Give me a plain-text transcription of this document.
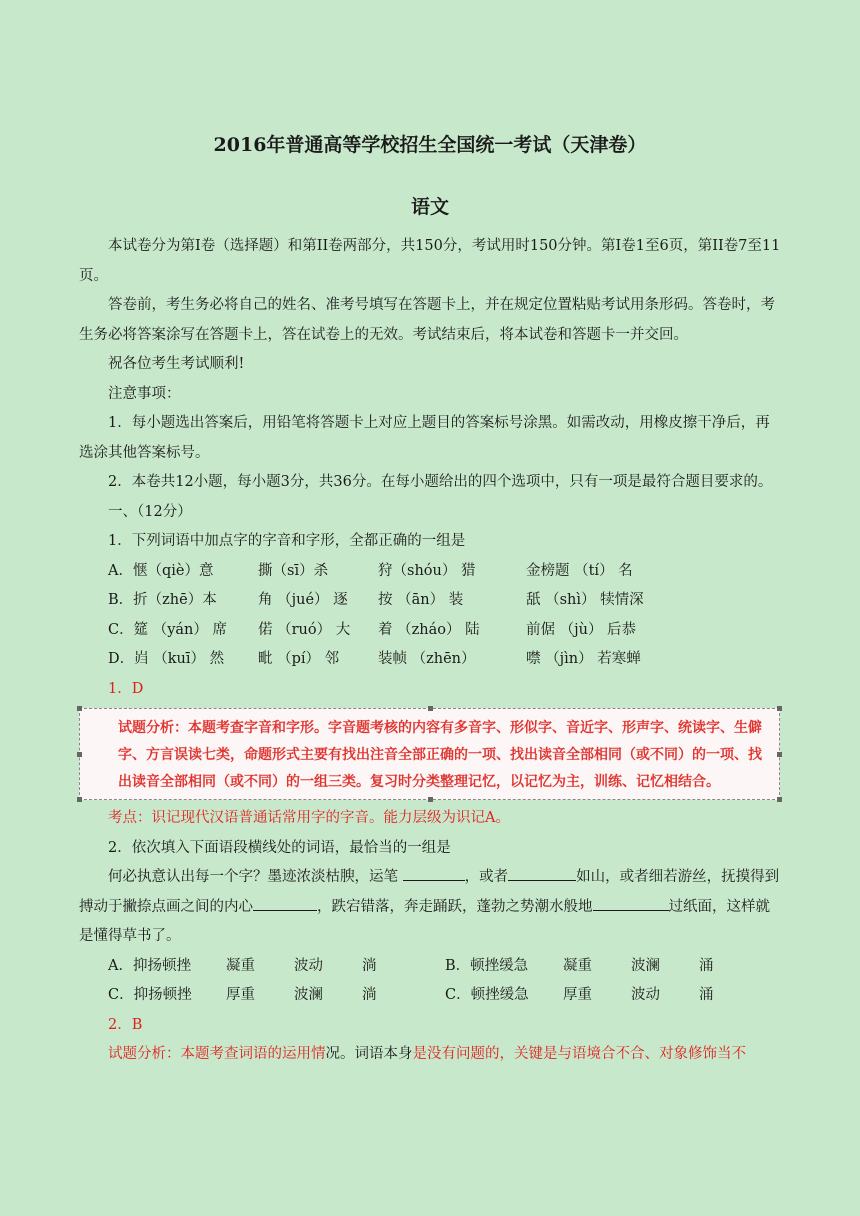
2016年普通高等学校招生全国统一考试（天津卷）
语文

本试卷分为第I卷（选择题）和第II卷两部分，共150分，考试用时150分钟。第I卷1至6页，第II卷7至11页。

答卷前，考生务必将自己的姓名、准考号填写在答题卡上，并在规定位置粘贴考试用条形码。答卷时，考生务必将答案涂写在答题卡上，答在试卷上的无效。考试结束后，将本试卷和答题卡一并交回。

祝各位考生考试顺利!

注意事项：

1．每小题选出答案后，用铅笔将答题卡上对应上题目的答案标号涂黑。如需改动，用橡皮擦干净后，再选涂其他答案标号。

2．本卷共12小题，每小题3分，共36分。在每小题给出的四个选项中，只有一项是最符合题目要求的。

一、（12分）

1．下列词语中加点字的字音和字形，全都正确的一组是

A．惬（qiè）意	撕（sī）杀	狩（shóu） 猎	金榜题 （tí） 名
B．折（zhē）本	角 （jué） 逐	按 （ān） 装	舐 （shì） 犊情深
C．筵 （yán） 席	偌 （ruó） 大	着 （zháo） 陆	前倨 （jù） 后恭
D．岿 （kuī） 然	毗 （pí） 邻	装帧 （zhēn）	噤 （jìn） 若寒蝉
1．D
试题分析：本题考查字音和字形。字音题考核的内容有多音字、形似字、音近字、形声字、统读字、生僻字、方言误读七类，命题形式主要有找出注音全部正确的一项、找出读音全部相同（或不同）的一项、找出读音全部相同（或不同）的一组三类。复习时分类整理记忆，以记忆为主，训练、记忆相结合。
考点：识记现代汉语普通话常用字的字音。能力层级为识记A。

2．依次填入下面语段横线处的词语，最恰当的一组是

何必执意认出每一个字？墨迹浓淡枯腴，运笔	，或者	如山，或者细若游丝，抚摸得到搏动于撇捺点画之间的内心	，跌宕错落，奔走踊跃，蓬勃之势潮水般地	过纸面，这样就是懂得草书了。

A．抑扬顿挫	凝重	波动	淌	B．顿挫缓急	凝重	波澜	涌
C．抑扬顿挫	厚重	波澜	淌	C．顿挫缓急	厚重	波动	涌
2．B

试题分析：本题考查词语的运用情况。词语本身是没有问题的，关键是与语境合不合、对象修饰当不
